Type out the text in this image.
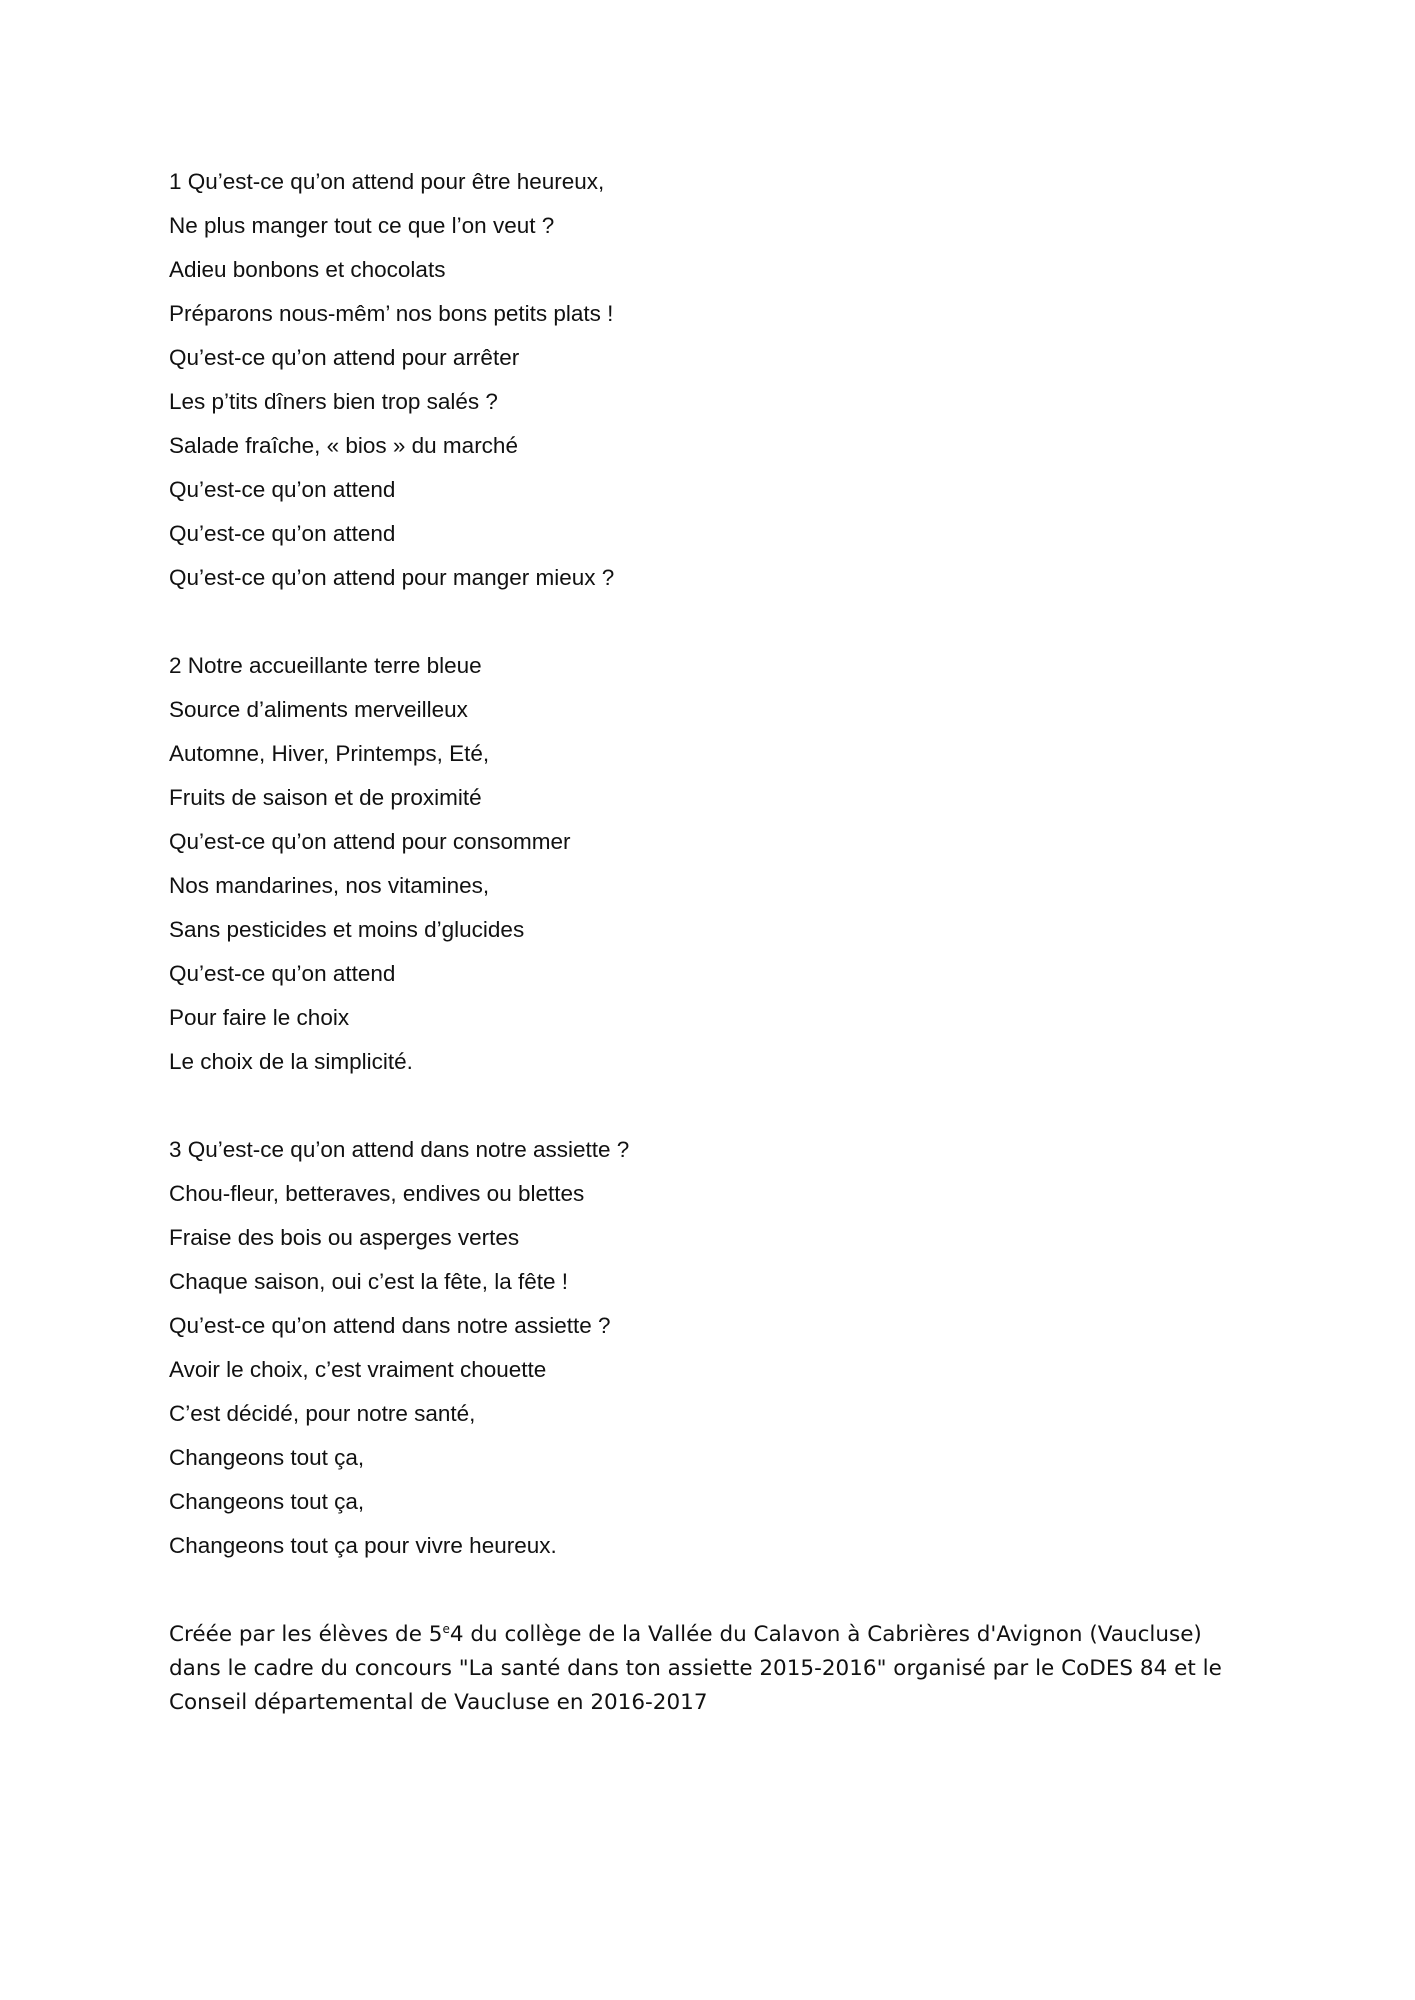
1 Qu’est-ce qu’on attend pour être heureux,
Ne plus manger tout ce que l’on veut ?
Adieu bonbons et chocolats
Préparons nous-mêm’ nos bons petits plats !
Qu’est-ce qu’on attend pour arrêter
Les p’tits dîners bien trop salés ?
Salade fraîche, « bios » du marché
Qu’est-ce qu’on attend
Qu’est-ce qu’on attend
Qu’est-ce qu’on attend pour manger mieux ?
2 Notre accueillante terre bleue
Source d’aliments merveilleux
Automne, Hiver, Printemps, Eté,
Fruits de saison et de proximité
Qu’est-ce qu’on attend pour consommer
Nos mandarines, nos vitamines,
Sans pesticides et moins d’glucides
Qu’est-ce qu’on attend
Pour faire le choix
Le choix de la simplicité.
3 Qu’est-ce qu’on attend dans notre assiette ?
Chou-fleur, betteraves, endives ou blettes
Fraise des bois ou asperges vertes
Chaque saison, oui c’est la fête, la fête !
Qu’est-ce qu’on attend dans notre assiette ?
Avoir le choix, c’est vraiment chouette
C’est décidé, pour notre santé,
Changeons tout ça,
Changeons tout ça,
Changeons tout ça pour vivre heureux.
Créée par les élèves de 5e4 du collège de la Vallée du Calavon à Cabrières d'Avignon (Vaucluse) dans le cadre du concours "La santé dans ton assiette 2015-2016" organisé par le CoDES 84 et le Conseil départemental de Vaucluse en 2016-2017
